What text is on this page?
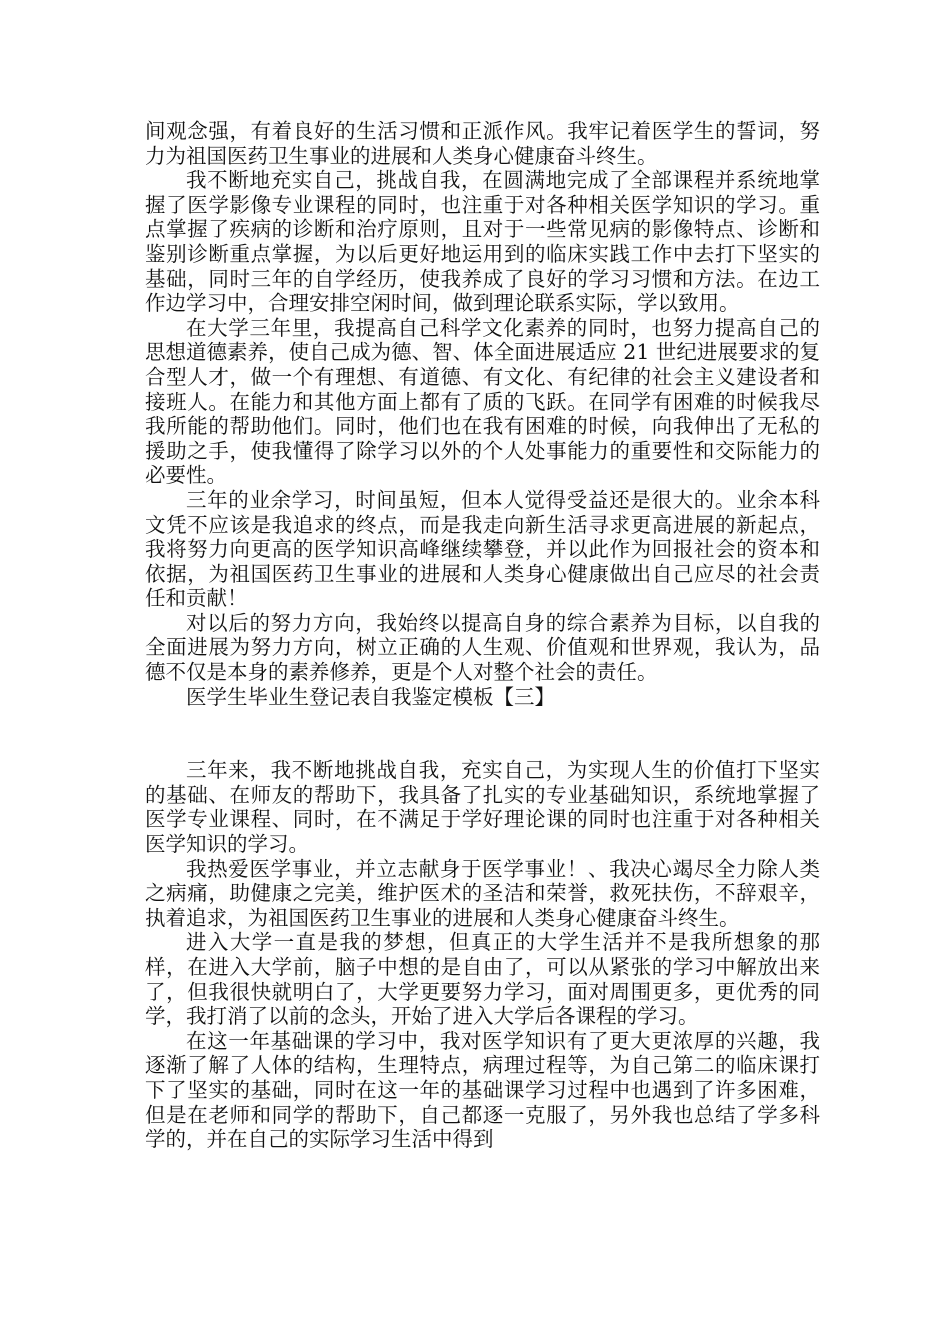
间观念强，有着良好的生活习惯和正派作风。我牢记着医学生的誓词，努力为祖国医药卫生事业的进展和人类身心健康奋斗终生。

我不断地充实自己，挑战自我，在圆满地完成了全部课程并系统地掌握了医学影像专业课程的同时，也注重于对各种相关医学知识的学习。重点掌握了疾病的诊断和治疗原则，且对于一些常见病的影像特点、诊断和鉴别诊断重点掌握，为以后更好地运用到的临床实践工作中去打下坚实的基础，同时三年的自学经历，使我养成了良好的学习习惯和方法。在边工作边学习中，合理安排空闲时间，做到理论联系实际，学以致用。

在大学三年里，我提高自己科学文化素养的同时，也努力提高自己的思想道德素养，使自己成为德、智、体全面进展适应 21 世纪进展要求的复合型人才，做一个有理想、有道德、有文化、有纪律的社会主义建设者和接班人。在能力和其他方面上都有了质的飞跃。在同学有困难的时候我尽我所能的帮助他们。同时，他们也在我有困难的时候，向我伸出了无私的援助之手，使我懂得了除学习以外的个人处事能力的重要性和交际能力的必要性。

三年的业余学习，时间虽短，但本人觉得受益还是很大的。业余本科文凭不应该是我追求的终点，而是我走向新生活寻求更高进展的新起点，我将努力向更高的医学知识高峰继续攀登，并以此作为回报社会的资本和依据，为祖国医药卫生事业的进展和人类身心健康做出自己应尽的社会责任和贡献！

对以后的努力方向，我始终以提高自身的综合素养为目标，以自我的全面进展为努力方向，树立正确的人生观、价值观和世界观，我认为，品德不仅是本身的素养修养，更是个人对整个社会的责任。

医学生毕业生登记表自我鉴定模板【三】

三年来，我不断地挑战自我，充实自己，为实现人生的价值打下坚实的基础、在师友的帮助下，我具备了扎实的专业基础知识，系统地掌握了医学专业课程、同时，在不满足于学好理论课的同时也注重于对各种相关医学知识的学习。

我热爱医学事业，并立志献身于医学事业！、我决心竭尽全力除人类之病痛，助健康之完美，维护医术的圣洁和荣誉，救死扶伤，不辞艰辛，执着追求，为祖国医药卫生事业的进展和人类身心健康奋斗终生。

进入大学一直是我的梦想，但真正的大学生活并不是我所想象的那样，在进入大学前，脑子中想的是自由了，可以从紧张的学习中解放出来了，但我很快就明白了，大学更要努力学习，面对周围更多，更优秀的同学，我打消了以前的念头，开始了进入大学后各课程的学习。

在这一年基础课的学习中，我对医学知识有了更大更浓厚的兴趣，我逐渐了解了人体的结构，生理特点，病理过程等，为自己第二的临床课打下了坚实的基础，同时在这一年的基础课学习过程中也遇到了许多困难，但是在老师和同学的帮助下，自己都逐一克服了，另外我也总结了学多科学的，并在自己的实际学习生活中得到
